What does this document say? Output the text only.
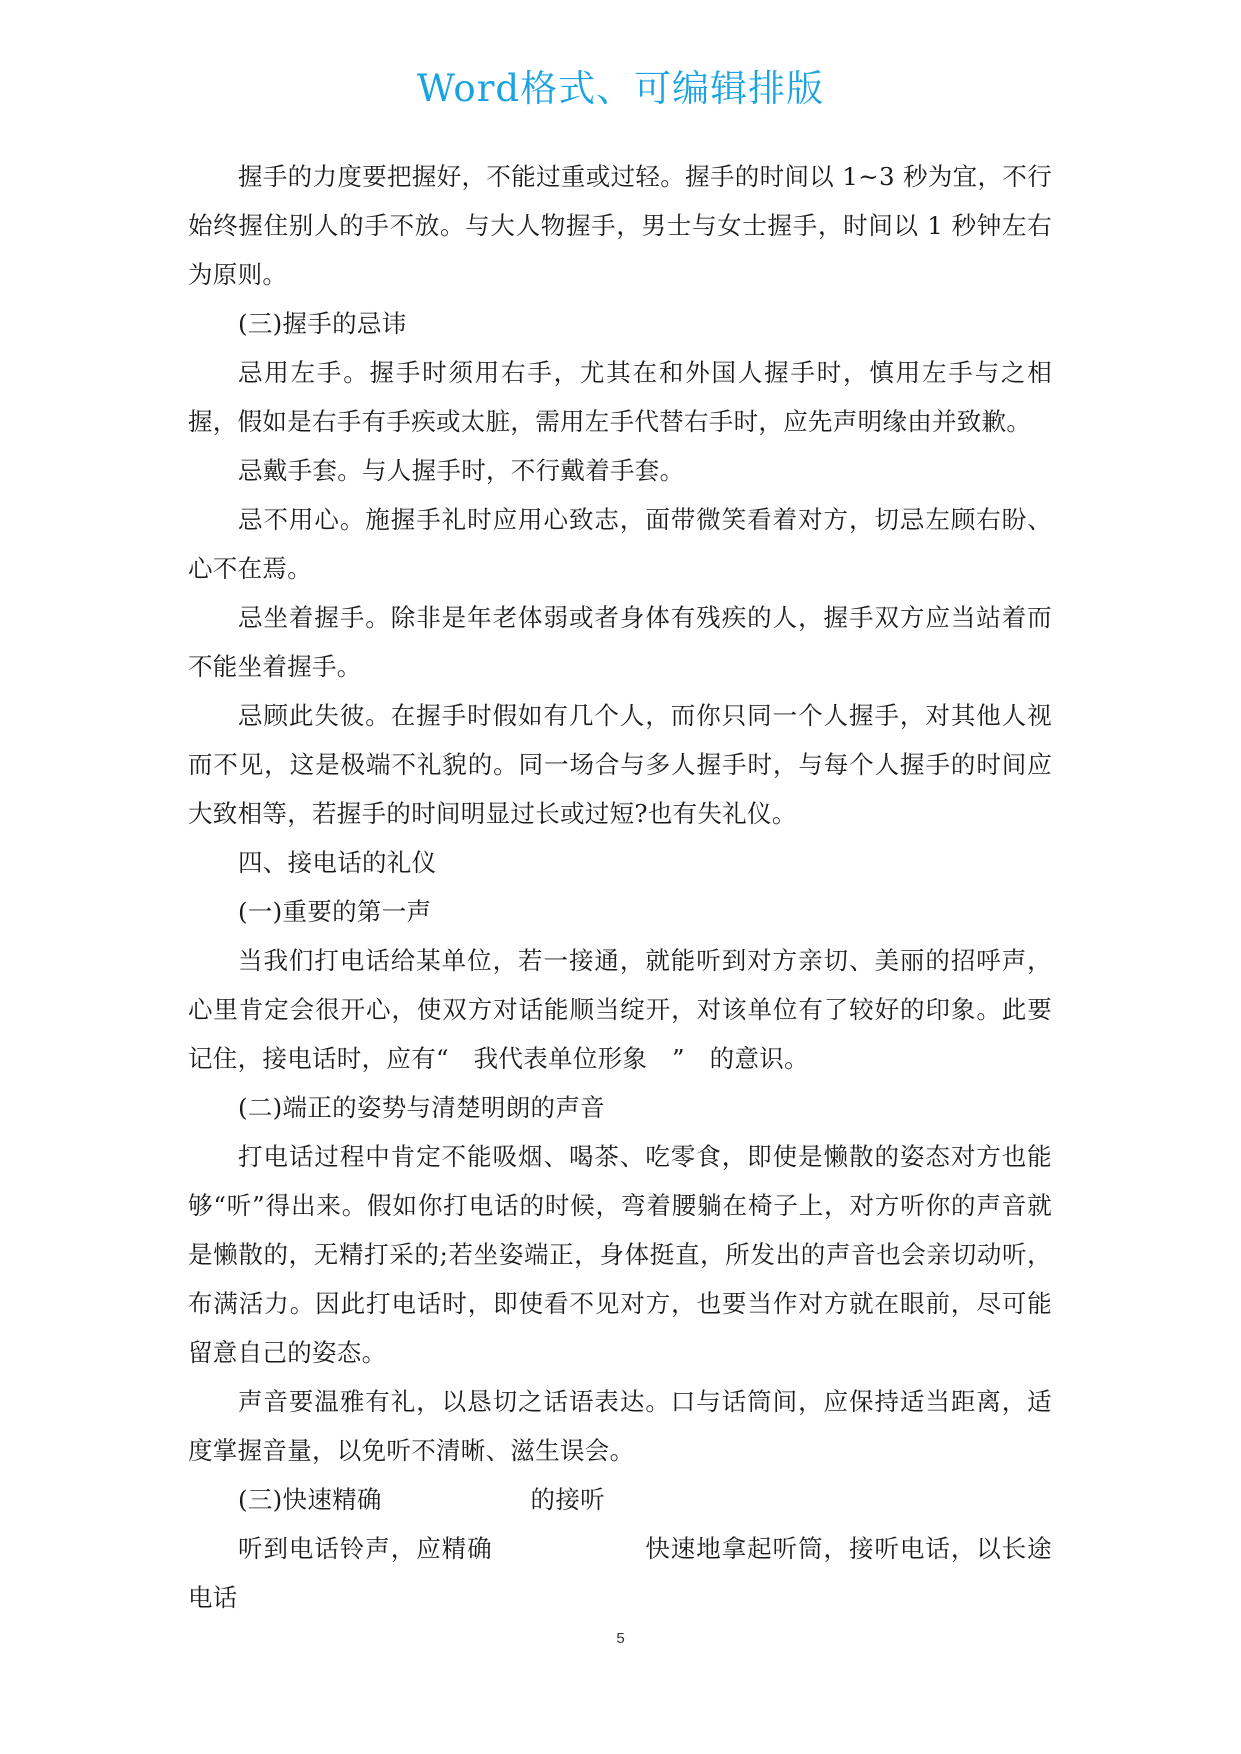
Word格式、可编辑排版

握手的力度要把握好，不能过重或过轻。握手的时间以 1~3 秒为宜，不行始终握住别人的手不放。与大人物握手，男士与女士握手，时间以 1 秒钟左右为原则。

(三)握手的忌讳

忌用左手。握手时须用右手，尤其在和外国人握手时，慎用左手与之相握，假如是右手有手疾或太脏，需用左手代替右手时，应先声明缘由并致歉。

忌戴手套。与人握手时，不行戴着手套。

忌不用心。施握手礼时应用心致志，面带微笑看着对方，切忌左顾右盼、心不在焉。

忌坐着握手。除非是年老体弱或者身体有残疾的人，握手双方应当站着而不能坐着握手。

忌顾此失彼。在握手时假如有几个人，而你只同一个人握手，对其他人视而不见，这是极端不礼貌的。同一场合与多人握手时，与每个人握手的时间应大致相等，若握手的时间明显过长或过短?也有失礼仪。

四、接电话的礼仪

(一)重要的第一声

当我们打电话给某单位，若一接通，就能听到对方亲切、美丽的招呼声，心里肯定会很开心，使双方对话能顺当绽开，对该单位有了较好的印象。此要记住，接电话时，应有“　我代表单位形象　”　的意识。

(二)端正的姿势与清楚明朗的声音

打电话过程中肯定不能吸烟、喝茶、吃零食，即使是懒散的姿态对方也能够“听”得出来。假如你打电话的时候，弯着腰躺在椅子上，对方听你的声音就是懒散的，无精打采的;若坐姿端正，身体挺直，所发出的声音也会亲切动听，布满活力。因此打电话时，即使看不见对方，也要当作对方就在眼前，尽可能留意自己的姿态。

声音要温雅有礼，以恳切之话语表达。口与话筒间，应保持适当距离，适度掌握音量，以免听不清晰、滋生误会。

(三)快速精确　　　　　　的接听

听到电话铃声，应精确　　　　　　快速地拿起听筒，接听电话，以长途电话

5
